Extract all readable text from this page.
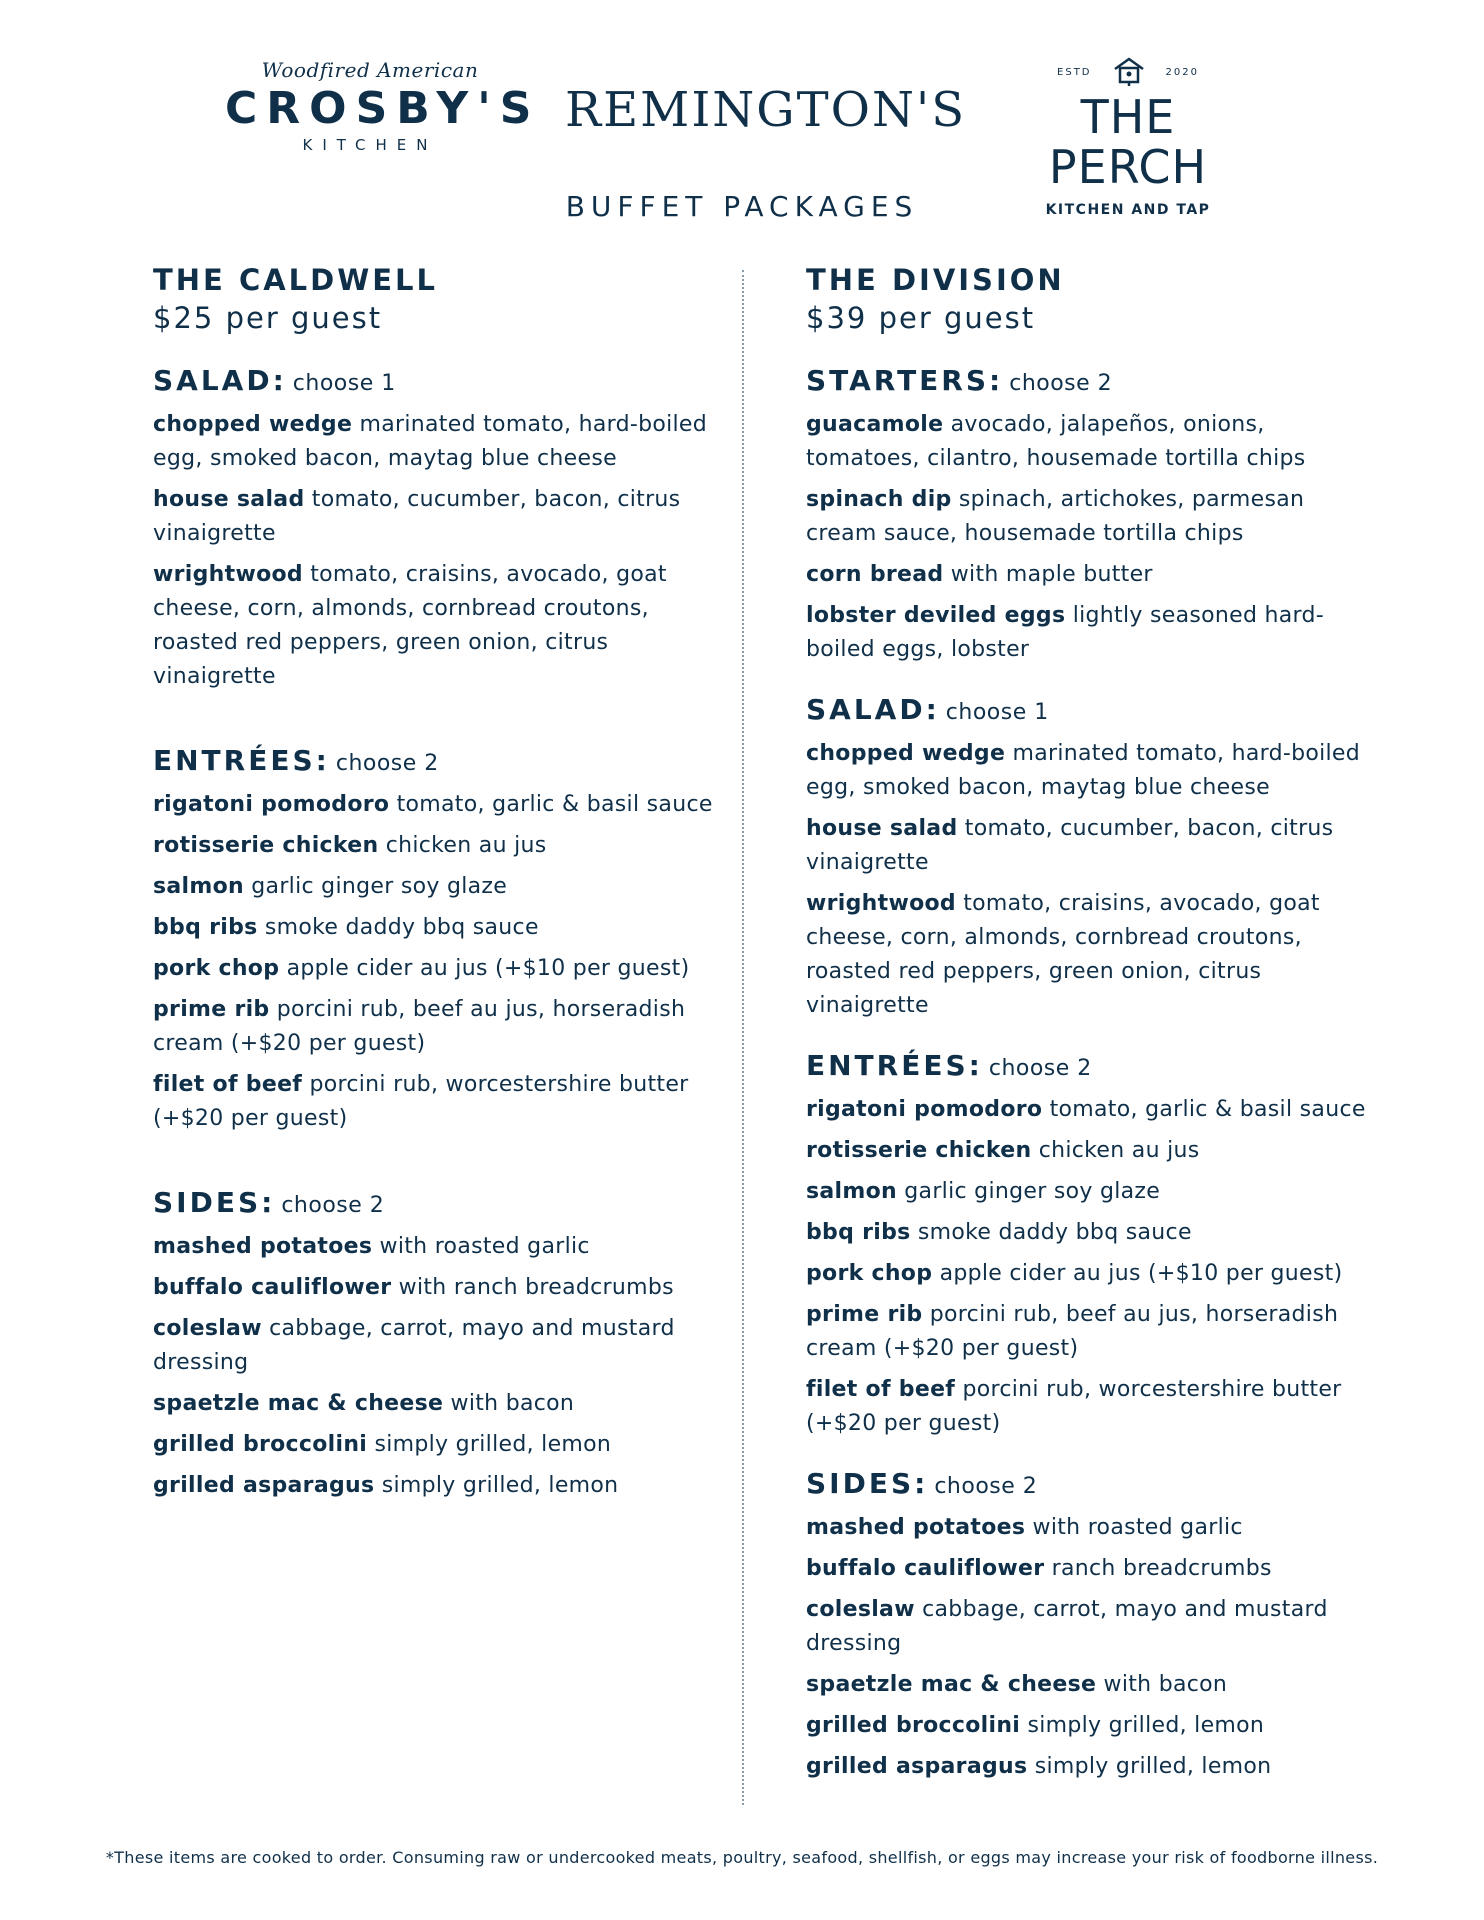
Woodfired American
CROSBY'S
KITCHEN
REMINGTON'S
ESTD	2020
THE PERCH
KITCHEN AND TAP
BUFFET PACKAGES
THE CALDWELL
$25 per guest
SALAD: choose 1
chopped wedge marinated tomato, hard-boiled egg, smoked bacon, maytag blue cheese
house salad tomato, cucumber, bacon, citrus vinaigrette
wrightwood tomato, craisins, avocado, goat cheese, corn, almonds, cornbread croutons, roasted red peppers, green onion, citrus vinaigrette
ENTRÉES: choose 2
rigatoni pomodoro tomato, garlic & basil sauce
rotisserie chicken chicken au jus
salmon garlic ginger soy glaze
bbq ribs smoke daddy bbq sauce
pork chop apple cider au jus (+$10 per guest)
prime rib porcini rub, beef au jus, horseradish cream (+$20 per guest)
filet of beef porcini rub, worcestershire butter (+$20 per guest)
SIDES: choose 2
mashed potatoes with roasted garlic
buffalo cauliflower with ranch breadcrumbs
coleslaw cabbage, carrot, mayo and mustard dressing
spaetzle mac & cheese with bacon
grilled broccolini simply grilled, lemon
grilled asparagus simply grilled, lemon
THE DIVISION
$39 per guest
STARTERS: choose 2
guacamole avocado, jalapeños, onions, tomatoes, cilantro, housemade tortilla chips
spinach dip spinach, artichokes, parmesan cream sauce, housemade tortilla chips
corn bread with maple butter
lobster deviled eggs lightly seasoned hard-boiled eggs, lobster
SALAD: choose 1
chopped wedge marinated tomato, hard-boiled egg, smoked bacon, maytag blue cheese
house salad tomato, cucumber, bacon, citrus vinaigrette
wrightwood tomato, craisins, avocado, goat cheese, corn, almonds, cornbread croutons, roasted red peppers, green onion, citrus vinaigrette
ENTRÉES: choose 2
rigatoni pomodoro tomato, garlic & basil sauce
rotisserie chicken chicken au jus
salmon garlic ginger soy glaze
bbq ribs smoke daddy bbq sauce
pork chop apple cider au jus (+$10 per guest)
prime rib porcini rub, beef au jus, horseradish cream (+$20 per guest)
filet of beef porcini rub, worcestershire butter (+$20 per guest)
SIDES: choose 2
mashed potatoes with roasted garlic
buffalo cauliflower ranch breadcrumbs
coleslaw cabbage, carrot, mayo and mustard dressing
spaetzle mac & cheese with bacon
grilled broccolini simply grilled, lemon
grilled asparagus simply grilled, lemon
*These items are cooked to order. Consuming raw or undercooked meats, poultry, seafood, shellfish, or eggs may increase your risk of foodborne illness.
